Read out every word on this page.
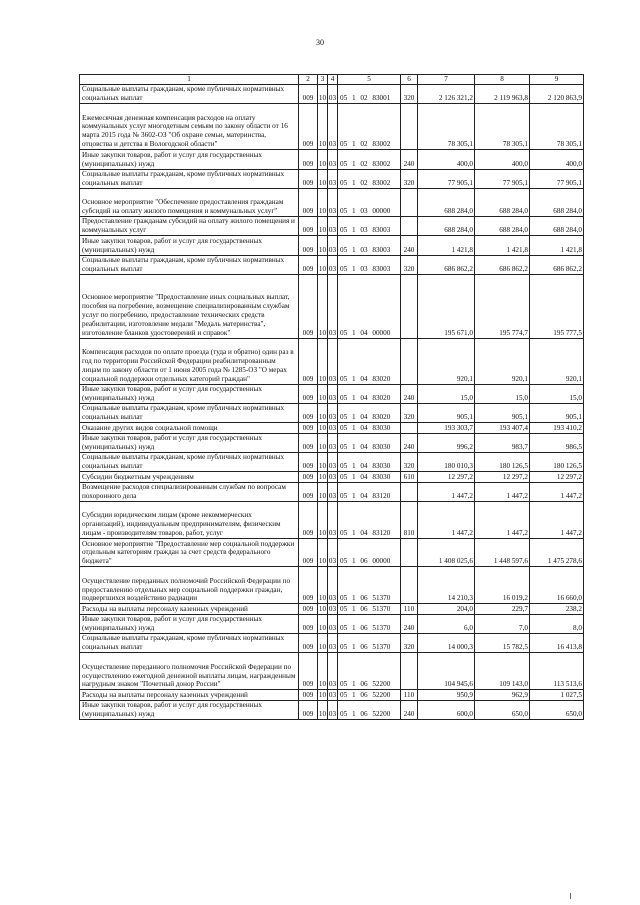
30
1	2	3	4	5	6	7	8	9
Социальные выплаты гражданам, кроме публичных нормативных социальных выплат	009	10	03	05 1 02 83001	320	2 126 321,2	2 119 963,8	2 120 863,9
Ежемесячная денежная компенсация расходов на оплату коммунальных услуг многодетным семьям по закону области от 16 марта 2015 года № 3602-ОЗ "Об охране семьи, материнства, отцовства и детства в Вологодской области"	009	10	03	05 1 02 83002		78 305,1	78 305,1	78 305,1
Иные закупки товаров, работ и услуг для государственных (муниципальных) нужд	009	10	03	05 1 02 83002	240	400,0	400,0	400,0
Социальные выплаты гражданам, кроме публичных нормативных социальных выплат	009	10	03	05 1 02 83002	320	77 905,1	77 905,1	77 905,1
Основное мероприятие "Обеспечение предоставления гражданам субсидий на оплату жилого помещения и коммунальных услуг"	009	10	03	05 1 03 00000		688 284,0	688 284,0	688 284,0
Предоставление гражданам субсидий на оплату жилого помещения и коммунальных услуг	009	10	03	05 1 03 83003		688 284,0	688 284,0	688 284,0
Иные закупки товаров, работ и услуг для государственных (муниципальных) нужд	009	10	03	05 1 03 83003	240	1 421,8	1 421,8	1 421,8
Социальные выплаты гражданам, кроме публичных нормативных социальных выплат	009	10	03	05 1 03 83003	320	686 862,2	686 862,2	686 862,2
Основное мероприятие "Предоставление иных социальных выплат, пособия на погребение, возмещение специализированным службам услуг по погребению, предоставление технических средств реабилитации, изготовление медали "Медаль материнства", изготовление бланков удостоверений и справок"	009	10	03	05 1 04 00000		195 671,0	195 774,7	195 777,5
Компенсация расходов по оплате проезда (туда и обратно) один раз в год по территории Российской Федерации реабилитированным лицам по закону области от 1 июня 2005 года № 1285-ОЗ "О мерах социальной поддержки отдельных категорий граждан"	009	10	03	05 1 04 83020		920,1	920,1	920,1
Иные закупки товаров, работ и услуг для государственных (муниципальных) нужд	009	10	03	05 1 04 83020	240	15,0	15,0	15,0
Социальные выплаты гражданам, кроме публичных нормативных социальных выплат	009	10	03	05 1 04 83020	320	905,1	905,1	905,1
Оказание других видов социальной помощи	009	10	03	05 1 04 83030		193 303,7	193 407,4	193 410,2
Иные закупки товаров, работ и услуг для государственных (муниципальных) нужд	009	10	03	05 1 04 83030	240	996,2	983,7	986,5
Социальные выплаты гражданам, кроме публичных нормативных социальных выплат	009	10	03	05 1 04 83030	320	180 010,3	180 126,5	180 126,5
Субсидии бюджетным учреждениям	009	10	03	05 1 04 83030	610	12 297,2	12 297,2	12 297,2
Возмещение расходов специализированным службам по вопросам похоронного дела	009	10	03	05 1 04 83120		1 447,2	1 447,2	1 447,2
Субсидии юридическим лицам (кроме некоммерческих организаций), индивидуальным предпринимателям, физическим лицам - производителям товаров, работ, услуг	009	10	03	05 1 04 83120	810	1 447,2	1 447,2	1 447,2
Основное мероприятие "Предоставление мер социальной поддержки отдельным категориям граждан за счет средств федерального бюджета"	009	10	03	05 1 06 00000		1 408 025,6	1 448 597,6	1 475 278,6
Осуществление переданных полномочий Российской Федерации по предоставлению отдельных мер социальной поддержки граждан, подвергшихся воздействию радиации	009	10	03	05 1 06 51370		14 210,3	16 019,2	16 660,0
Расходы на выплаты персоналу казенных учреждений	009	10	03	05 1 06 51370	110	204,0	229,7	238,2
Иные закупки товаров, работ и услуг для государственных (муниципальных) нужд	009	10	03	05 1 06 51370	240	6,0	7,0	8,0
Социальные выплаты гражданам, кроме публичных нормативных социальных выплат	009	10	03	05 1 06 51370	320	14 000,3	15 782,5	16 413,8
Осуществление переданного полномочия Российской Федерации по осуществлению ежегодной денежной выплаты лицам, награжденным нагрудным знаком "Почетный донор России"	009	10	03	05 1 06 52200		104 945,6	109 143,0	113 513,6
Расходы на выплаты персоналу казенных учреждений	009	10	03	05 1 06 52200	110	950,9	962,9	1 027,5
Иные закупки товаров, работ и услуг для государственных (муниципальных) нужд	009	10	03	05 1 06 52200	240	600,0	650,0	650,0
